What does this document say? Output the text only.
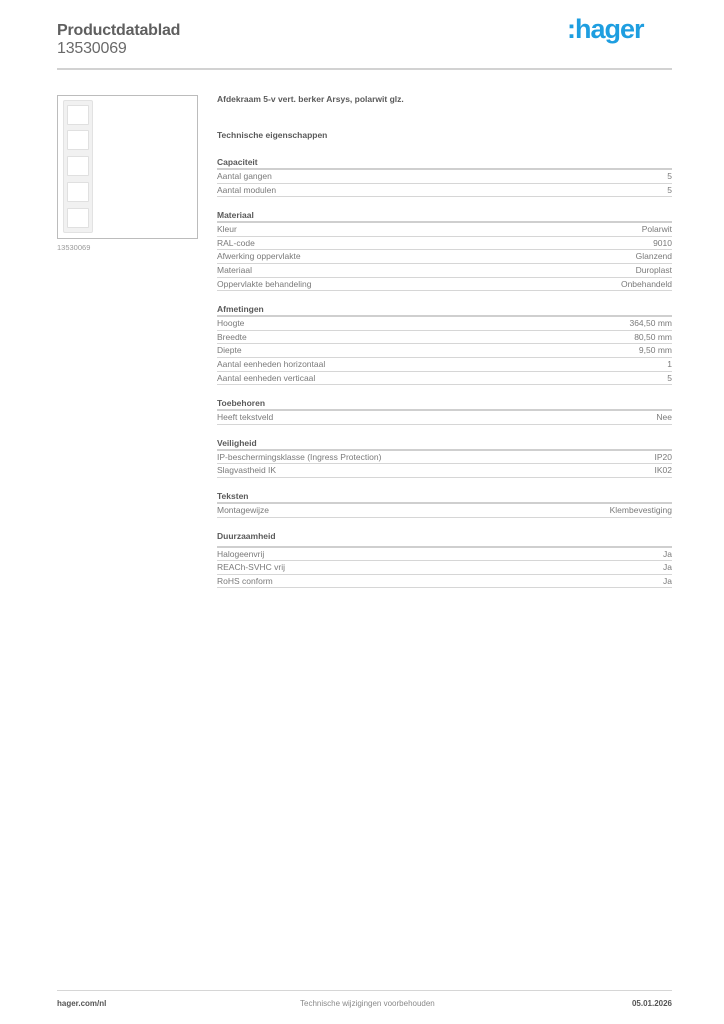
Productdatablad
13530069
:hager
13530069
Afdekraam 5-v vert. berker Arsys, polarwit glz.
Technische eigenschappen
Capaciteit
Aantal gangen	5
Aantal modulen	5
Materiaal
Kleur	Polarwit
RAL-code	9010
Afwerking oppervlakte	Glanzend
Materiaal	Duroplast
Oppervlakte behandeling	Onbehandeld
Afmetingen
Hoogte	364,50 mm
Breedte	80,50 mm
Diepte	9,50 mm
Aantal eenheden horizontaal	1
Aantal eenheden verticaal	5
Toebehoren
Heeft tekstveld	Nee
Veiligheid
IP-beschermingsklasse (Ingress Protection)	IP20
Slagvastheid IK	IK02
Teksten
Montagewijze	Klembevestiging
Duurzaamheid
Halogeenvrij	Ja
REACh-SVHC vrij	Ja
RoHS conform	Ja
hager.com/nl	Technische wijzigingen voorbehouden	05.01.2026
